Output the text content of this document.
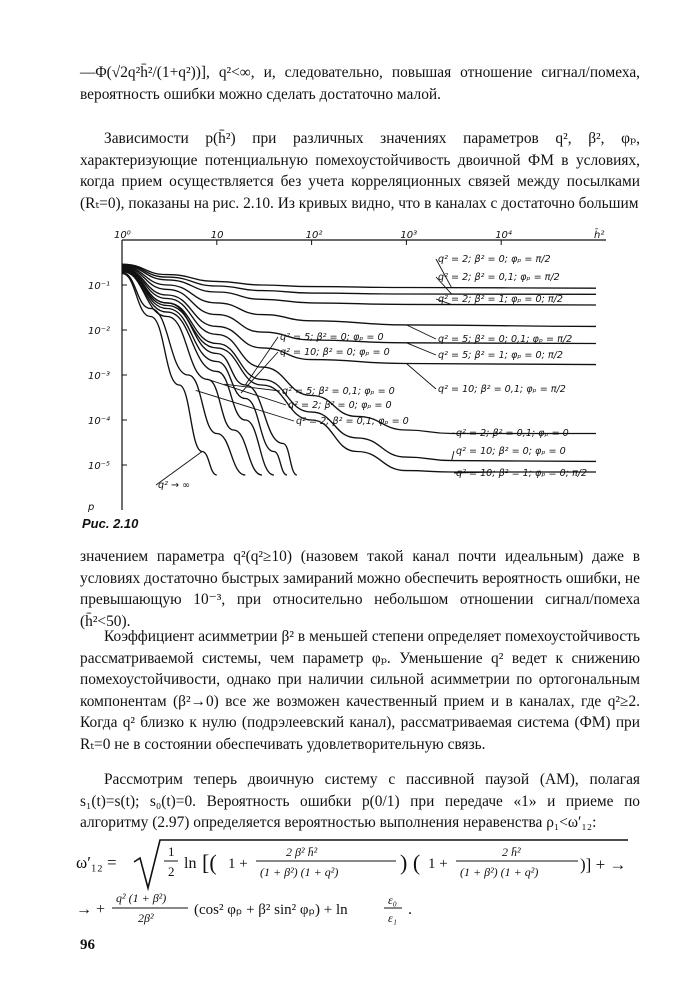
—Φ(√2q²h̄²/(1+q²))], q²<∞, и, следовательно, повышая отношение сигнал/помеха, вероятность ошибки можно сделать достаточно малой.

Зависимости p(h̄²) при различных значениях параметров q², β², φₚ, характеризующие потенциальную помехоустойчивость двоичной ФМ в условиях, когда прием осуществляется без учета корреляционных связей между посылками (Rₜ=0), показаны на рис. 2.10. Из кривых видно, что в каналах с достаточно большим

10⁰	10	10²	10³	10⁴	h̄²
10⁻¹
10⁻²
10⁻³
10⁻⁴
10⁻⁵
p
q² = 2; β² = 0; φₚ = π/2
q² = 2; β² = 0,1; φₚ = π/2
q² = 2; β² = 1; φₚ = 0; π/2
q² = 5; β² = 0; φₚ = 0
q² = 10; β² = 0; φₚ = 0
q² = 5; β² = 0; 0,1; φₚ = π/2
q² = 5; β² = 1; φₚ = 0; π/2
q² = 5; β² = 0,1; φₚ = 0
q² = 2; β² = 0; φₚ = 0
q² = 2; β² = 0,1; φₚ = 0
q² = 10; β² = 0,1; φₚ = π/2
q² = 2; β² = 0,1; φₚ = 0
q² = 10; β² = 0; φₚ = 0
q² = 10; β² = 1; φₚ = 0; π/2
q² → ∞
Рис. 2.10

значением параметра q²(q²≥10) (назовем такой канал почти идеальным) даже в условиях достаточно быстрых замираний можно обеспечить вероятность ошибки, не превышающую 10⁻³, при относительно небольшом отношении сигнал/помеха (h̄²<50).

Коэффициент асимметрии β² в меньшей степени определяет помехоустойчивость рассматриваемой системы, чем параметр φₚ. Уменьшение q² ведет к снижению помехоустойчивости, однако при наличии сильной асимметрии по ортогональным компонентам (β²→0) все же возможен качественный прием и в каналах, где q²≥2. Когда q² близко к нулю (подрэлеевский канал), рассматриваемая система (ФМ) при Rₜ=0 не в состоянии обеспечивать удовлетворительную связь.

Рассмотрим теперь двоичную систему с пассивной паузой (АМ), полагая s₁(t)=s(t); s₀(t)=0. Вероятность ошибки p(0/1) при передаче «1» и приеме по алгоритму (2.97) определяется вероятностью выполнения неравенства ρ₁<ω′₁₂:

ω′₁₂ =
1
2 ln [( 1 +
2 β² h̄²
(1 + β²) (1 + q²)	) ( 1 +
2 h̄²
(1 + β²) (1 + q²) )] + →
→ +
q² (1 + β²)
2β²	(cos² φₚ + β² sin² φₚ) + ln
ε₀
ε₁ .
96
